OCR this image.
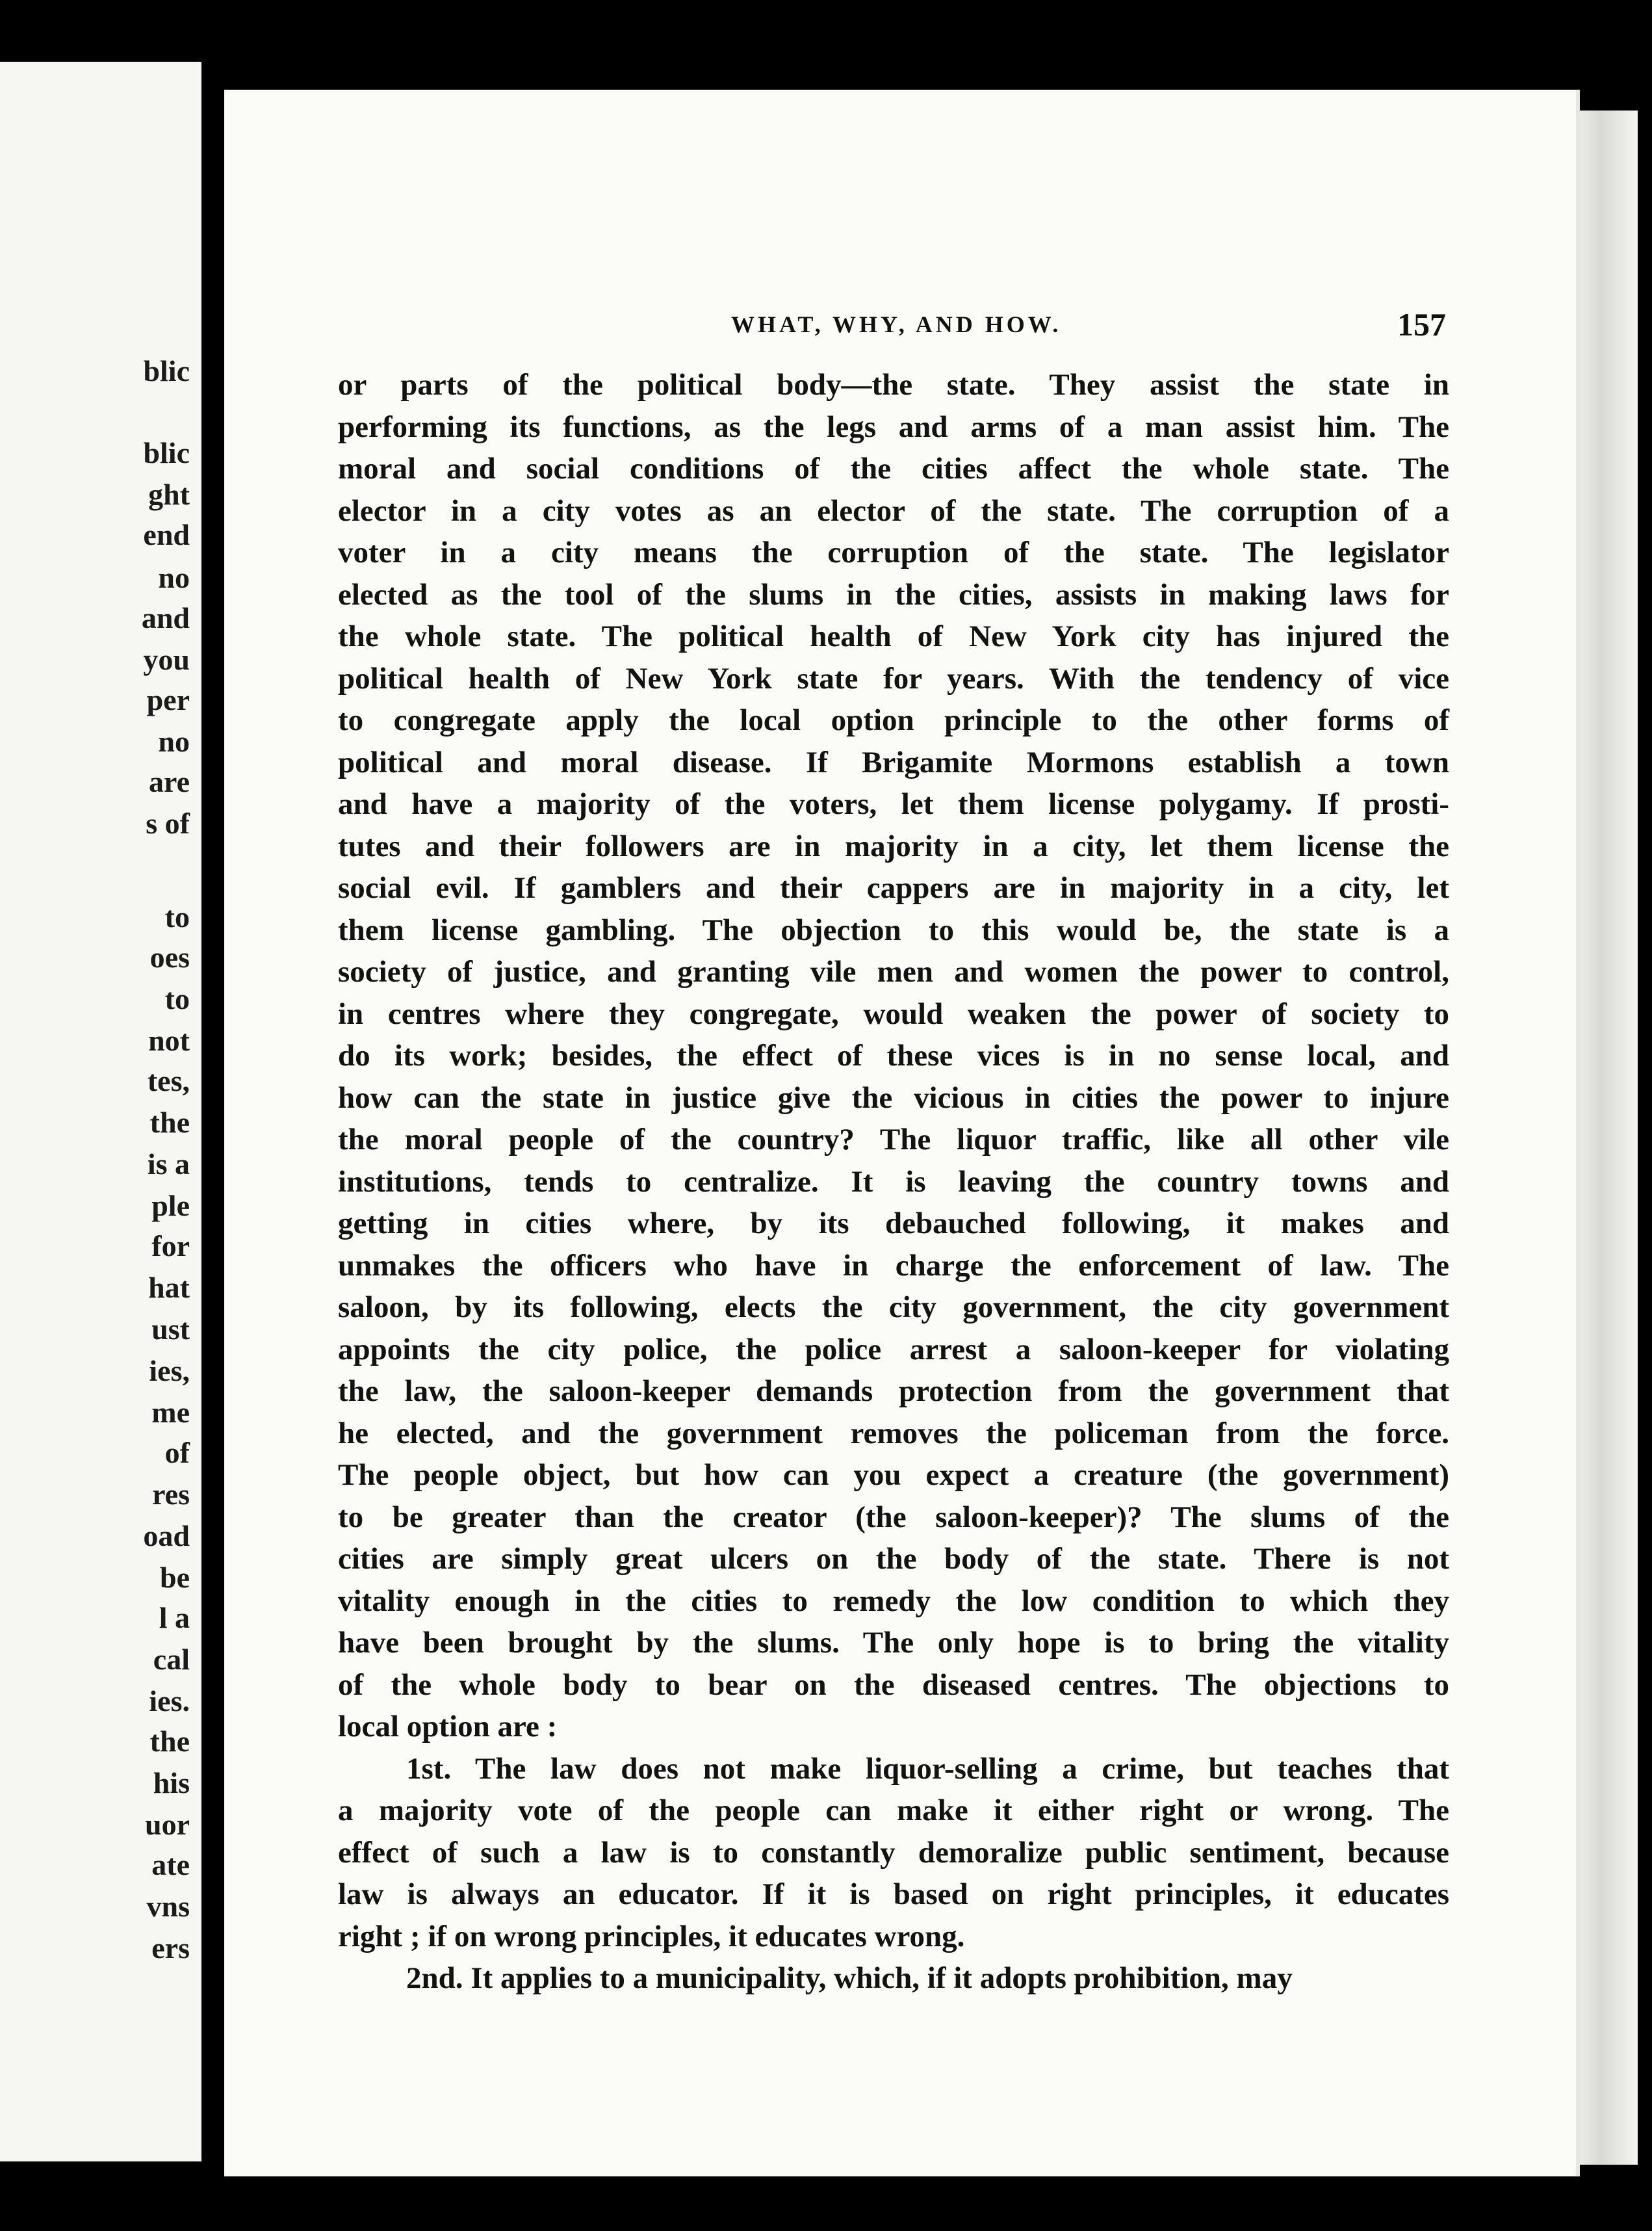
blic
blic
ght
end
no
and
you
per
no
are
s of
to
oes
to
not
tes,
the
is a
ple
for
hat
ust
ies,
me
of
res
oad
be
l a
cal
ies.
the
his
uor
ate
vns
ers
WHAT, WHY, AND HOW.	157
or parts of the political body—the state. They assist the state in
performing its functions, as the legs and arms of a man assist him. The
moral and social conditions of the cities affect the whole state. The
elector in a city votes as an elector of the state. The corruption of a
voter in a city means the corruption of the state. The legislator
elected as the tool of the slums in the cities, assists in making laws for
the whole state. The political health of New York city has injured the
political health of New York state for years. With the tendency of vice
to congregate apply the local option principle to the other forms of
political and moral disease. If Brigamite Mormons establish a town
and have a majority of the voters, let them license polygamy. If prosti-
tutes and their followers are in majority in a city, let them license the
social evil. If gamblers and their cappers are in majority in a city, let
them license gambling. The objection to this would be, the state is a
society of justice, and granting vile men and women the power to control,
in centres where they congregate, would weaken the power of society to
do its work; besides, the effect of these vices is in no sense local, and
how can the state in justice give the vicious in cities the power to injure
the moral people of the country? The liquor traffic, like all other vile
institutions, tends to centralize. It is leaving the country towns and
getting in cities where, by its debauched following, it makes and
unmakes the officers who have in charge the enforcement of law. The
saloon, by its following, elects the city government, the city government
appoints the city police, the police arrest a saloon-keeper for violating
the law, the saloon-keeper demands protection from the government that
he elected, and the government removes the policeman from the force.
The people object, but how can you expect a creature (the government)
to be greater than the creator (the saloon-keeper)? The slums of the
cities are simply great ulcers on the body of the state. There is not
vitality enough in the cities to remedy the low condition to which they
have been brought by the slums. The only hope is to bring the vitality
of the whole body to bear on the diseased centres. The objections to
local option are :
1st. The law does not make liquor-selling a crime, but teaches that
a majority vote of the people can make it either right or wrong. The
effect of such a law is to constantly demoralize public sentiment, because
law is always an educator. If it is based on right principles, it educates
right ; if on wrong principles, it educates wrong.
2nd. It applies to a municipality, which, if it adopts prohibition, may
